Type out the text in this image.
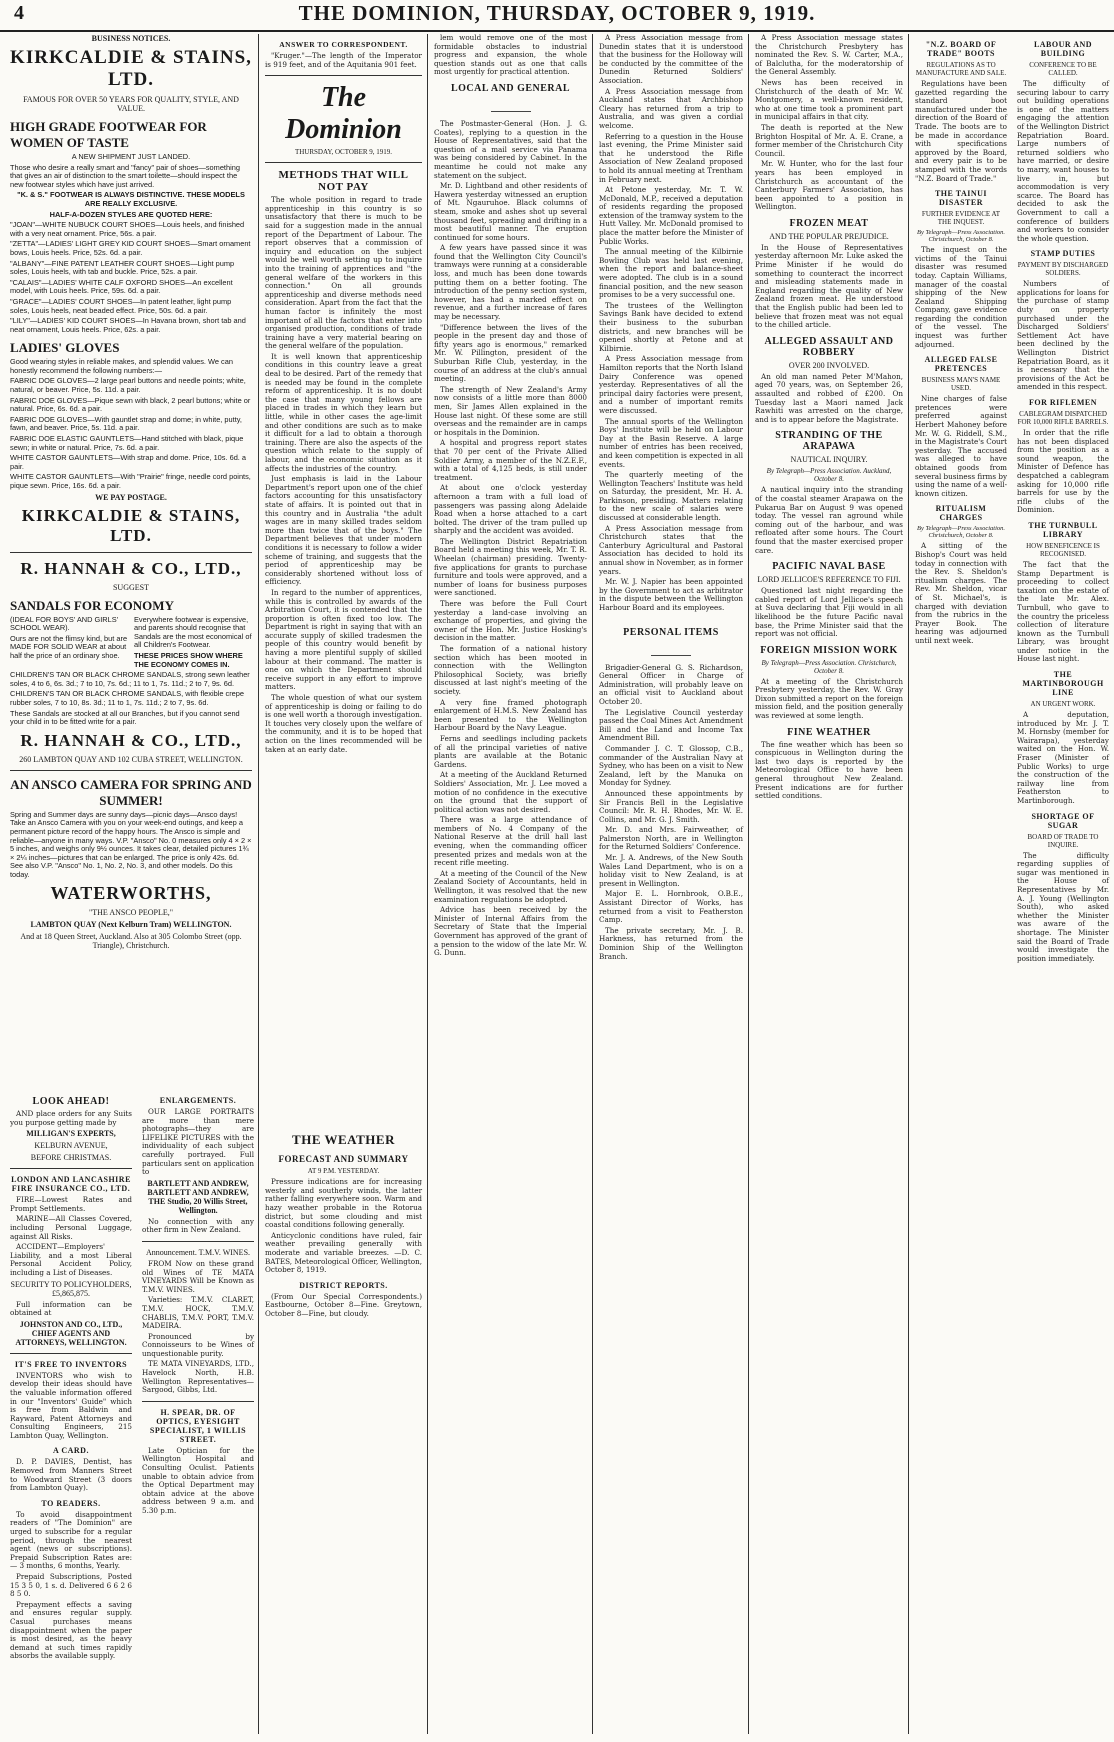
4	THE DOMINION, THURSDAY, OCTOBER 9, 1919.
BUSINESS NOTICES.
KIRKCALDIE & STAINS, LTD.
FAMOUS FOR OVER 50 YEARS FOR QUALITY, STYLE, AND VALUE.
HIGH GRADE FOOTWEAR FOR WOMEN OF TASTE
A NEW SHIPMENT JUST LANDED.

Those who desire a really smart and "fancy" pair of shoes—something that gives an air of distinction to the smart toilette—should inspect the new footwear styles which have just arrived.

"K. & S." FOOTWEAR IS ALWAYS DISTINCTIVE. THESE MODELS ARE REALLY EXCLUSIVE.

HALF-A-DOZEN STYLES ARE QUOTED HERE:

"JOAN"—WHITE NUBUCK COURT SHOES—Louis heels, and finished with a very neat ornament. Price, 56s. a pair.

"ZETTA"—LADIES' LIGHT GREY KID COURT SHOES—Smart ornament bows, Louis heels. Price, 52s. 6d. a pair.

"ALBANY"—FINE PATENT LEATHER COURT SHOES—Light pump soles, Louis heels, with tab and buckle. Price, 52s. a pair.

"CALAIS"—LADIES' WHITE CALF OXFORD SHOES—An excellent model, with Louis heels. Price, 59s. 6d. a pair.

"GRACE"—LADIES' COURT SHOES—In patent leather, light pump soles, Louis heels, neat beaded effect. Price, 50s. 6d. a pair.

"LILY"—LADIES' KID COURT SHOES—In Havana brown, short tab and neat ornament, Louis heels. Price, 62s. a pair.

LADIES' GLOVES

Good wearing styles in reliable makes, and splendid values. We can honestly recommend the following numbers:—

FABRIC DOE GLOVES—2 large pearl buttons and needle points; white, natural, or beaver. Price, 5s. 11d. a pair.

FABRIC DOE GLOVES—Pique sewn with black, 2 pearl buttons; white or natural. Price, 6s. 6d. a pair.

FABRIC DOE GLOVES—With gauntlet strap and dome; in white, putty, fawn, and beaver. Price, 5s. 11d. a pair.

FABRIC DOE ELASTIC GAUNTLETS—Hand stitched with black, pique sewn; in white or natural. Price, 7s. 6d. a pair.

WHITE CASTOR GAUNTLETS—With strap and dome. Price, 10s. 6d. a pair.

WHITE CASTOR GAUNTLETS—With "Prairie" fringe, needle cord points, pique sewn. Price, 16s. 6d. a pair.

WE PAY POSTAGE.
KIRKCALDIE & STAINS, LTD.
R. HANNAH & CO., LTD.,
SUGGEST
SANDALS FOR ECONOMY

(IDEAL FOR BOYS' AND GIRLS' SCHOOL WEAR).

Ours are not the flimsy kind, but are MADE FOR SOLID WEAR at about half the price of an ordinary shoe.

Everywhere footwear is expensive, and parents should recognise that Sandals are the most economical of all Children's Footwear.

THESE PRICES SHOW WHERE THE ECONOMY COMES IN.

CHILDREN'S TAN OR BLACK CHROME SANDALS, strong sewn leather soles, 4 to 6, 6s. 3d.; 7 to 10, 7s. 6d.; 11 to 1, 7s. 11d.; 2 to 7, 9s. 6d.

CHILDREN'S TAN OR BLACK CHROME SANDALS, with flexible crepe rubber soles, 7 to 10, 8s. 3d.; 11 to 1, 7s. 11d.; 2 to 7, 9s. 6d.

These Sandals are stocked at all our Branches, but if you cannot send your child in to be fitted write for a pair.

R. HANNAH & CO., LTD.,
260 LAMBTON QUAY AND 102 CUBA STREET, WELLINGTON.
AN ANSCO CAMERA FOR SPRING AND SUMMER!

Spring and Summer days are sunny days—picnic days—Ansco days! Take an Ansco Camera with you on your week-end outings, and keep a permanent picture record of the happy hours. The Ansco is simple and reliable—anyone in many ways. V.P. "Ansco" No. 0 measures only 4 × 2 × 5 inches, and weighs only 9½ ounces. It takes clear, detailed pictures 1¾ × 2¼ inches—pictures that can be enlarged. The price is only 42s. 6d. See also V.P. "Ansco" No. 1, No. 2, No. 3, and other models. Do this today.

WATERWORTHS,
"THE ANSCO PEOPLE,"
LAMBTON QUAY (Next Kelburn Tram) WELLINGTON.
And at 18 Queen Street, Auckland. Also at 305 Colombo Street (opp. Triangle), Christchurch.
LOOK AHEAD!

AND place orders for any Suits you purpose getting made by

MILLIGAN'S EXPERTS,
KELBURN AVENUE,
BEFORE CHRISTMAS.
LONDON AND LANCASHIRE FIRE INSURANCE CO., LTD.

FIRE—Lowest Rates and Prompt Settlements.

MARINE—All Classes Covered, including Personal Luggage, against All Risks.

ACCIDENT—Employers' Liability, and a most Liberal Personal Accident Policy, including a List of Diseases.

SECURITY TO POLICYHOLDERS, £5,865,875.

Full information can be obtained at

JOHNSTON AND CO., LTD., CHIEF AGENTS AND ATTORNEYS, WELLINGTON.
IT'S FREE TO INVENTORS

INVENTORS who wish to develop their ideas should have the valuable information offered in our "Inventors' Guide" which is free from Baldwin and Rayward, Patent Attorneys and Consulting Engineers, 215 Lambton Quay, Wellington.

A CARD.

D. P. DAVIES, Dentist, has Removed from Manners Street to Woodward Street (3 doors from Lambton Quay).

TO READERS.

To avoid disappointment readers of "The Dominion" are urged to subscribe for a regular period, through the nearest agent (news or subscriptions). Prepaid Subscription Rates are:— 3 months, 6 months, Yearly.

Prepaid Subscriptions, Posted 15 3 5 0, 1 s. d. Delivered 6 6 2 6 8 5 0.

Prepayment effects a saving and ensures regular supply. Casual purchases means disappointment when the paper is most desired, as the heavy demand at such times rapidly absorbs the available supply.

ENLARGEMENTS.

OUR LARGE PORTRAITS are more than mere photographs—they are LIFELIKE PICTURES with the individuality of each subject carefully portrayed. Full particulars sent on application to

BARTLETT AND ANDREW, BARTLETT AND ANDREW, THE Studio, 20 Willis Street, Wellington.

No connection with any other firm in New Zealand.

Announcement. T.M.V. WINES.

FROM Now on these grand old Wines of TE MATA VINEYARDS Will be Known as T.M.V. WINES.

Varieties: T.M.V. CLARET, T.M.V. HOCK, T.M.V. CHABLIS, T.M.V. PORT, T.M.V. MADEIRA.

Pronounced by Connoisseurs to be Wines of unquestionable purity.

TE MATA VINEYARDS, LTD., Havelock North, H.B. Wellington Representatives—Sargood, Gibbs, Ltd.

H. SPEAR, DR. OF OPTICS, EYESIGHT SPECIALIST, 1 WILLIS STREET.

Late Optician for the Wellington Hospital and Consulting Oculist. Patients unable to obtain advice from the Optical Department may obtain advice at the above address between 9 a.m. and 5.30 p.m.

ANSWER TO CORRESPONDENT.

"Kruger."—The length of the Imperator is 919 feet, and of the Aquitania 901 feet.

The Dominion
THURSDAY, OCTOBER 9, 1919.
METHODS THAT WILL NOT PAY

The whole position in regard to trade apprenticeship in this country is so unsatisfactory that there is much to be said for a suggestion made in the annual report of the Department of Labour. The report observes that a commission of inquiry and education on the subject would be well worth setting up to inquire into the training of apprentices and "the general welfare of the workers in this connection." On all grounds apprenticeship and diverse methods need consideration. Apart from the fact that the human factor is infinitely the most important of all the factors that enter into organised production, conditions of trade training have a very material bearing on the general welfare of the population.

It is well known that apprenticeship conditions in this country leave a great deal to be desired. Part of the remedy that is needed may be found in the complete reform of apprenticeship. It is no doubt the case that many young fellows are placed in trades in which they learn but little, while in other cases the age-limit and other conditions are such as to make it difficult for a lad to obtain a thorough training. There are also the aspects of the question which relate to the supply of labour, and the economic situation as it affects the industries of the country.

Just emphasis is laid in the Labour Department's report upon one of the chief factors accounting for this unsatisfactory state of affairs. It is pointed out that in this country and in Australia "the adult wages are in many skilled trades seldom more than twice that of the boys." The Department believes that under modern conditions it is necessary to follow a wider scheme of training, and suggests that the period of apprenticeship may be considerably shortened without loss of efficiency.

In regard to the number of apprentices, while this is controlled by awards of the Arbitration Court, it is contended that the proportion is often fixed too low. The Department is right in saying that with an accurate supply of skilled tradesmen the people of this country would benefit by having a more plentiful supply of skilled labour at their command. The matter is one on which the Department should receive support in any effort to improve matters.

The whole question of what our system of apprenticeship is doing or failing to do is one well worth a thorough investigation. It touches very closely upon the welfare of the community, and it is to be hoped that action on the lines recommended will be taken at an early date.

THE WEATHER
FORECAST AND SUMMARY
AT 9 P.M. YESTERDAY.

Pressure indications are for increasing westerly and southerly winds, the latter rather falling everywhere soon. Warm and hazy weather probable in the Rotorua district, but some clouding and mist coastal conditions following generally.

Anticyclonic conditions have ruled, fair weather prevailing generally with moderate and variable breezes. —D. C. BATES, Meteorological Officer, Wellington, October 8, 1919.

DISTRICT REPORTS.

(From Our Special Correspondents.) Eastbourne, October 8—Fine. Greytown, October 8—Fine, but cloudy.

lem would remove one of the most formidable obstacles to industrial progress and expansion, the whole question stands out as one that calls most urgently for practical attention.

LOCAL AND GENERAL

The Postmaster-General (Hon. J. G. Coates), replying to a question in the House of Representatives, said that the question of a mail service via Panama was being considered by Cabinet. In the meantime he could not make any statement on the subject.

Mr. D. Lightband and other residents of Hawera yesterday witnessed an eruption of Mt. Ngauruhoe. Black columns of steam, smoke and ashes shot up several thousand feet, spreading and drifting in a most beautiful manner. The eruption continued for some hours.

A few years have passed since it was found that the Wellington City Council's tramways were running at a considerable loss, and much has been done towards putting them on a better footing. The introduction of the penny section system, however, has had a marked effect on revenue, and a further increase of fares may be necessary.

"Difference between the lives of the people in the present day and those of fifty years ago is enormous," remarked Mr. W. Pillington, president of the Suburban Rifle Club, yesterday, in the course of an address at the club's annual meeting.

The strength of New Zealand's Army now consists of a little more than 8000 men, Sir James Allen explained in the House last night. Of these some are still overseas and the remainder are in camps or hospitals in the Dominion.

A hospital and progress report states that 70 per cent of the Private Allied Soldier Army, a member of the N.Z.E.F., with a total of 4,125 beds, is still under treatment.

At about one o'clock yesterday afternoon a tram with a full load of passengers was passing along Adelaide Road when a horse attached to a cart bolted. The driver of the tram pulled up sharply and the accident was avoided.

The Wellington District Repatriation Board held a meeting this week, Mr. T. R. Wheelan (chairman) presiding. Twenty-five applications for grants to purchase furniture and tools were approved, and a number of loans for business purposes were sanctioned.

There was before the Full Court yesterday a land-case involving an exchange of properties, and giving the owner of the Hon. Mr. Justice Hosking's decision in the matter.

The formation of a national history section which has been mooted in connection with the Wellington Philosophical Society, was briefly discussed at last night's meeting of the society.

A very fine framed photograph enlargement of H.M.S. New Zealand has been presented to the Wellington Harbour Board by the Navy League.

Ferns and seedlings including packets of all the principal varieties of native plants are available at the Botanic Gardens.

At a meeting of the Auckland Returned Soldiers' Association, Mr. J. Lee moved a motion of no confidence in the executive on the ground that the support of political action was not desired.

There was a large attendance of members of No. 4 Company of the National Reserve at the drill hall last evening, when the commanding officer presented prizes and medals won at the recent rifle meeting.

At a meeting of the Council of the New Zealand Society of Accountants, held in Wellington, it was resolved that the new examination regulations be adopted.

Advice has been received by the Minister of Internal Affairs from the Secretary of State that the Imperial Government has approved of the grant of a pension to the widow of the late Mr. W. G. Dunn.

A Press Association message from Dunedin states that it is understood that the business for the Holloway will be conducted by the committee of the Dunedin Returned Soldiers' Association.

A Press Association message from Auckland states that Archbishop Cleary has returned from a trip to Australia, and was given a cordial welcome.

Referring to a question in the House last evening, the Prime Minister said that he understood the Rifle Association of New Zealand proposed to hold its annual meeting at Trentham in February next.

At Petone yesterday, Mr. T. W. McDonald, M.P., received a deputation of residents regarding the proposed extension of the tramway system to the Hutt Valley. Mr. McDonald promised to place the matter before the Minister of Public Works.

The annual meeting of the Kilbirnie Bowling Club was held last evening, when the report and balance-sheet were adopted. The club is in a sound financial position, and the new season promises to be a very successful one.

The trustees of the Wellington Savings Bank have decided to extend their business to the suburban districts, and new branches will be opened shortly at Petone and at Kilbirnie.

A Press Association message from Hamilton reports that the North Island Dairy Conference was opened yesterday. Representatives of all the principal dairy factories were present, and a number of important remits were discussed.

The annual sports of the Wellington Boys' Institute will be held on Labour Day at the Basin Reserve. A large number of entries has been received, and keen competition is expected in all events.

The quarterly meeting of the Wellington Teachers' Institute was held on Saturday, the president, Mr. H. A. Parkinson, presiding. Matters relating to the new scale of salaries were discussed at considerable length.

A Press Association message from Christchurch states that the Canterbury Agricultural and Pastoral Association has decided to hold its annual show in November, as in former years.

Mr. W. J. Napier has been appointed by the Government to act as arbitrator in the dispute between the Wellington Harbour Board and its employees.

PERSONAL ITEMS

Brigadier-General G. S. Richardson, General Officer in Charge of Administration, will probably leave on an official visit to Auckland about October 20.

The Legislative Council yesterday passed the Coal Mines Act Amendment Bill and the Land and Income Tax Amendment Bill.

Commander J. C. T. Glossop, C.B., commander of the Australian Navy at Sydney, who has been on a visit to New Zealand, left by the Manuka on Monday for Sydney.

Announced these appointments by Sir Francis Bell in the Legislative Council: Mr. R. H. Rhodes, Mr. W. E. Collins, and Mr. G. J. Smith.

Mr. D. and Mrs. Fairweather, of Palmerston North, are in Wellington for the Returned Soldiers' Conference.

Mr. J. A. Andrews, of the New South Wales Land Department, who is on a holiday visit to New Zealand, is at present in Wellington.

Major E. L. Hornbrook, O.B.E., Assistant Director of Works, has returned from a visit to Featherston Camp.

The private secretary, Mr. J. B. Harkness, has returned from the Dominion Ship of the Wellington Branch.

A Press Association message states the Christchurch Presbytery has nominated the Rev. S. W. Carter, M.A., of Balclutha, for the moderatorship of the General Assembly.

News has been received in Christchurch of the death of Mr. W. Montgomery, a well-known resident, who at one time took a prominent part in municipal affairs in that city.

The death is reported at the New Brighton Hospital of Mr. A. E. Crane, a former member of the Christchurch City Council.

Mr. W. Hunter, who for the last four years has been employed in Christchurch as accountant of the Canterbury Farmers' Association, has been appointed to a position in Wellington.

FROZEN MEAT
AND THE POPULAR PREJUDICE.

In the House of Representatives yesterday afternoon Mr. Luke asked the Prime Minister if he would do something to counteract the incorrect and misleading statements made in England regarding the quality of New Zealand frozen meat. He understood that the English public had been led to believe that frozen meat was not equal to the chilled article.

ALLEGED ASSAULT AND ROBBERY
OVER 200 INVOLVED.

An old man named Peter M'Mahon, aged 70 years, was, on September 26, assaulted and robbed of £200. On Tuesday last a Maori named Jack Rawhiti was arrested on the charge, and is to appear before the Magistrate.

STRANDING OF THE ARAPAWA
NAUTICAL INQUIRY.
By Telegraph—Press Association. Auckland, October 8.

A nautical inquiry into the stranding of the coastal steamer Arapawa on the Pukarua Bar on August 9 was opened today. The vessel ran aground while coming out of the harbour, and was refloated after some hours. The Court found that the master exercised proper care.

PACIFIC NAVAL BASE
LORD JELLICOE'S REFERENCE TO FIJI.

Questioned last night regarding the cabled report of Lord Jellicoe's speech at Suva declaring that Fiji would in all likelihood be the future Pacific naval base, the Prime Minister said that the report was not official.

FOREIGN MISSION WORK
By Telegraph—Press Association. Christchurch, October 8.

At a meeting of the Christchurch Presbytery yesterday, the Rev. W. Gray Dixon submitted a report on the foreign mission field, and the position generally was reviewed at some length.

FINE WEATHER

The fine weather which has been so conspicuous in Wellington during the last two days is reported by the Meteorological Office to have been general throughout New Zealand. Present indications are for further settled conditions.

"N.Z. BOARD OF TRADE" BOOTS
REGULATIONS AS TO MANUFACTURE AND SALE.

Regulations have been gazetted regarding the standard boot manufactured under the direction of the Board of Trade. The boots are to be made in accordance with specifications approved by the Board, and every pair is to be stamped with the words "N.Z. Board of Trade."

THE TAINUI DISASTER
FURTHER EVIDENCE AT THE INQUEST.
By Telegraph—Press Association. Christchurch, October 8.

The inquest on the victims of the Tainui disaster was resumed today. Captain Williams, manager of the coastal shipping of the New Zealand Shipping Company, gave evidence regarding the condition of the vessel. The inquest was further adjourned.

ALLEGED FALSE PRETENCES
BUSINESS MAN'S NAME USED.

Nine charges of false pretences were preferred against Herbert Mahoney before Mr. W. G. Riddell, S.M., in the Magistrate's Court yesterday. The accused was alleged to have obtained goods from several business firms by using the name of a well-known citizen.

RITUALISM CHARGES
By Telegraph—Press Association. Christchurch, October 8.

A sitting of the Bishop's Court was held today in connection with the Rev. S. Sheldon's ritualism charges. The Rev. Mr. Sheldon, vicar of St. Michael's, is charged with deviation from the rubrics in the Prayer Book. The hearing was adjourned until next week.

LABOUR AND BUILDING
CONFERENCE TO BE CALLED.

The difficulty of securing labour to carry out building operations is one of the matters engaging the attention of the Wellington District Repatriation Board. Large numbers of returned soldiers who have married, or desire to marry, want houses to live in, but accommodation is very scarce. The Board has decided to ask the Government to call a conference of builders and workers to consider the whole question.

STAMP DUTIES
PAYMENT BY DISCHARGED SOLDIERS.

Numbers of applications for loans for the purchase of stamp duty on property purchased under the Discharged Soldiers' Settlement Act have been declined by the Wellington District Repatriation Board, as it is necessary that the provisions of the Act be amended in this respect.

FOR RIFLEMEN
CABLEGRAM DISPATCHED FOR 10,000 RIFLE BARRELS.

In order that the rifle has not been displaced from the position as a sound weapon, the Minister of Defence has despatched a cablegram asking for 10,000 rifle barrels for use by the rifle clubs of the Dominion.

THE TURNBULL LIBRARY
HOW BENEFICENCE IS RECOGNISED.

The fact that the Stamp Department is proceeding to collect taxation on the estate of the late Mr. Alex. Turnbull, who gave to the country the priceless collection of literature known as the Turnbull Library, was brought under notice in the House last night.

THE MARTINBOROUGH LINE
AN URGENT WORK.

A deputation, introduced by Mr. J. T. M. Hornsby (member for Wairarapa), yesterday waited on the Hon. W. Fraser (Minister of Public Works) to urge the construction of the railway line from Featherston to Martinborough.

SHORTAGE OF SUGAR
BOARD OF TRADE TO INQUIRE.

The difficulty regarding supplies of sugar was mentioned in the House of Representatives by Mr. A. J. Young (Wellington South), who asked whether the Minister was aware of the shortage. The Minister said the Board of Trade would investigate the position immediately.
